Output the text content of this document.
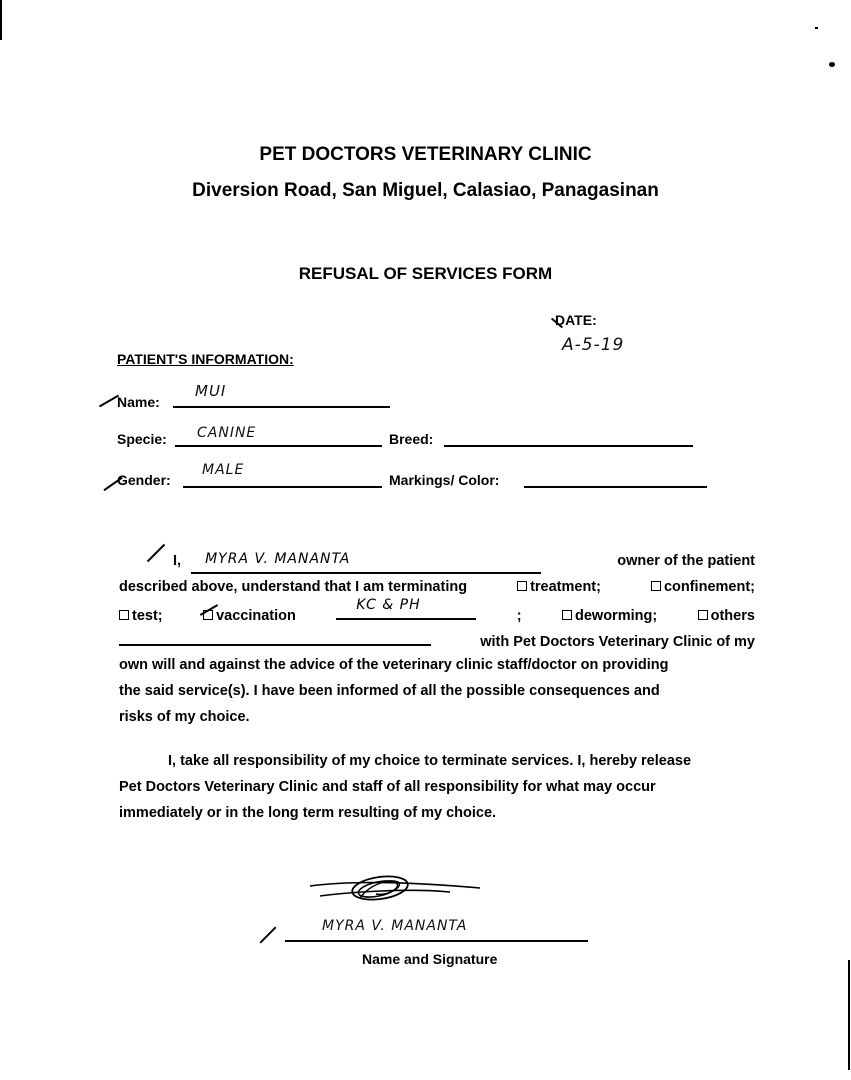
PET DOCTORS VETERINARY CLINIC
Diversion Road, San Miguel, Calasiao, Panagasinan
REFUSAL OF SERVICES FORM
DATE:
A-5-19
PATIENT'S INFORMATION:
Name:
MUI
Specie: CANINE	Breed:
Gender:
MALE
Markings/ Color:
I, MYRA V. MANANTA	owner of the patient
described above, understand that I am terminating	treatment;	confinement;
test;	vaccination
KC & PH
;	deworming;	others
with Pet Doctors Veterinary Clinic of my
own will and against the advice of the veterinary clinic staff/doctor on providing
the said service(s). I have been informed of all the possible consequences and
risks of my choice.
I, take all responsibility of my choice to terminate services. I, hereby release
Pet Doctors Veterinary Clinic and staff of all responsibility for what may occur
immediately or in the long term resulting of my choice.
MYRA V. MANANTA
Name and Signature
